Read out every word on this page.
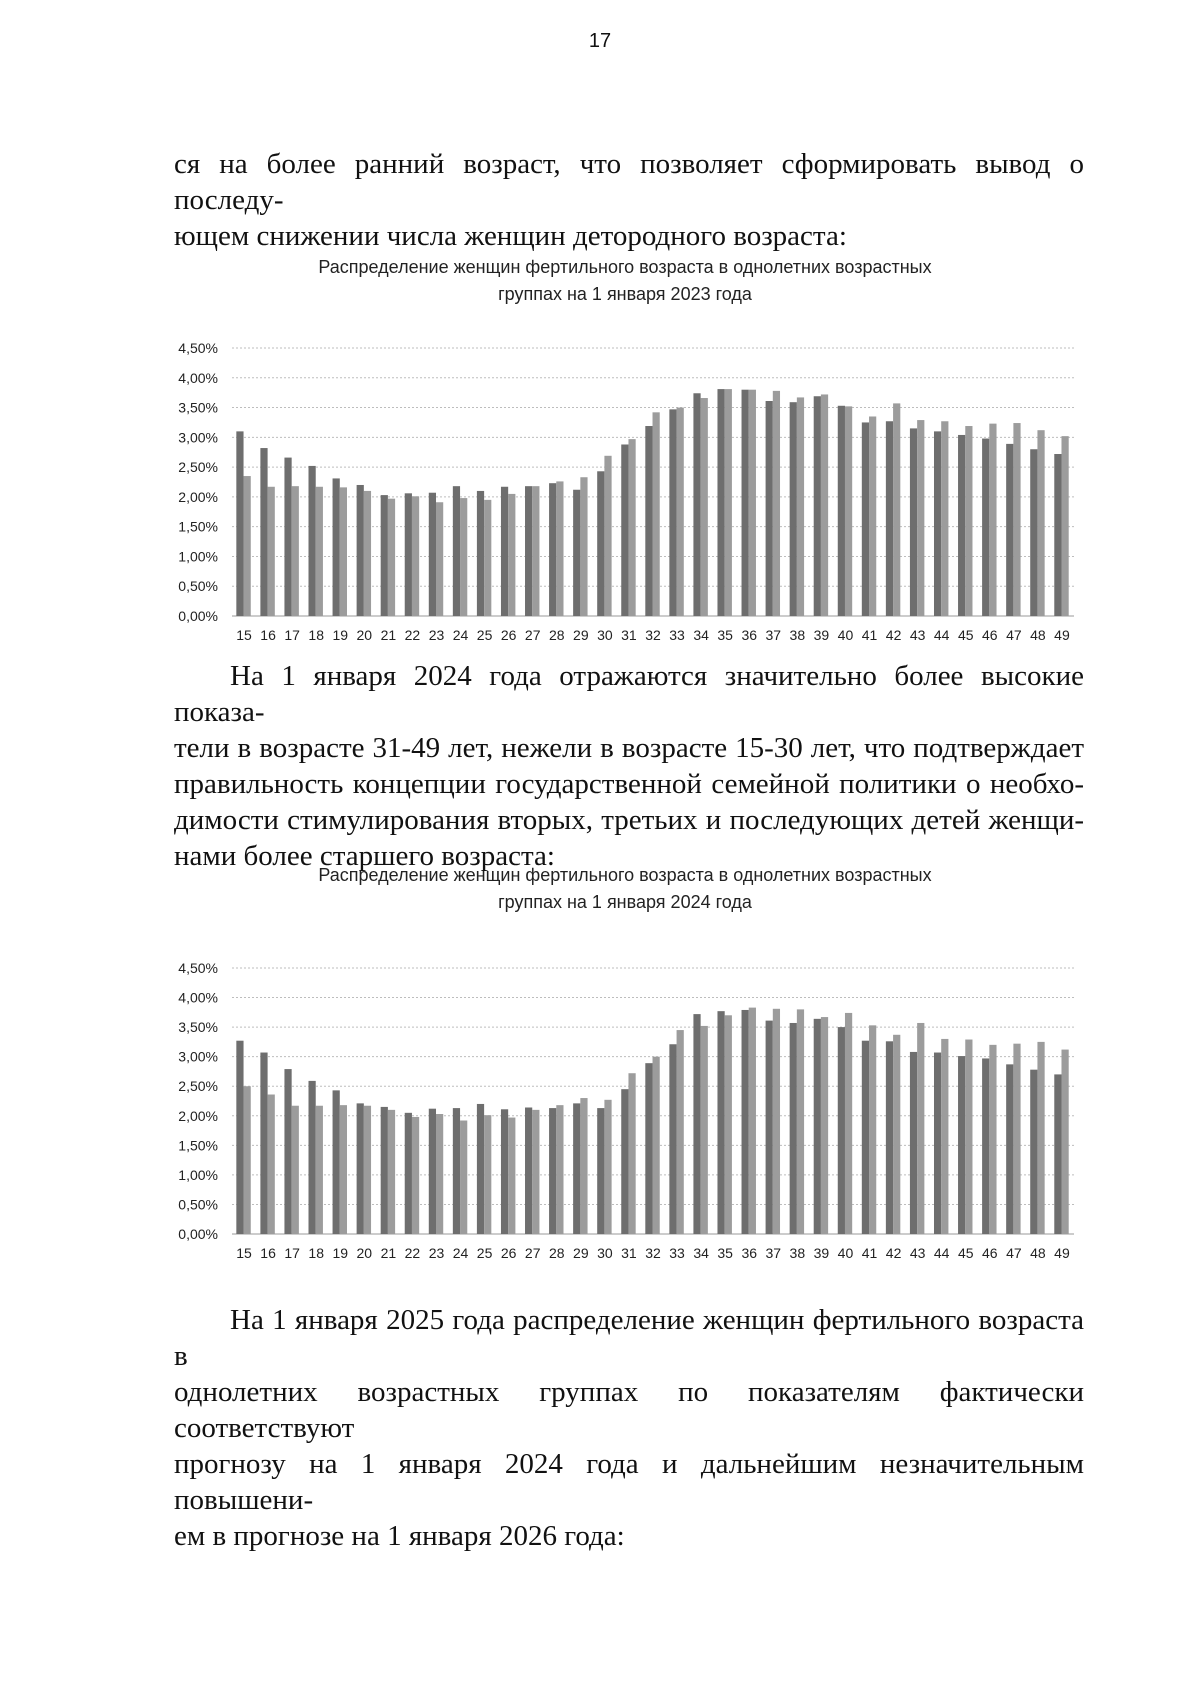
17

ся на более ранний возраст, что позволяет сформировать вывод о последу-
ющем снижении числа женщин детородного возраста:

Распределение женщин фертильного возраста в однолетних возрастных
группах на 1 января 2023 года
0,00%
0,50%
1,00%
1,50%
2,00%
2,50%
3,00%
3,50%
4,00%
4,50%
15 16 17 18 19 20 21 22 23 24 25 26 27 28 29 30 31 32 33 34 35 36 37 38 39 40 41 42 43 44 45 46 47 48 49

На 1 января 2024 года отражаются значительно более высокие показа-
тели в возрасте 31-49 лет, нежели в возрасте 15-30 лет, что подтверждает
правильность концепции государственной семейной политики о необхо-
димости стимулирования вторых, третьих и последующих детей женщи-
нами более старшего возраста:

Распределение женщин фертильного возраста в однолетних возрастных
группах на 1 января 2024 года
0,00%
0,50%
1,00%
1,50%
2,00%
2,50%
3,00%
3,50%
4,00%
4,50%
15 16 17 18 19 20 21 22 23 24 25 26 27 28 29 30 31 32 33 34 35 36 37 38 39 40 41 42 43 44 45 46 47 48 49

На 1 января 2025 года распределение женщин фертильного возраста в
однолетних возрастных группах по показателям фактически соответствуют
прогнозу на 1 января 2024 года и дальнейшим незначительным повышени-
ем в прогнозе на 1 января 2026 года:
